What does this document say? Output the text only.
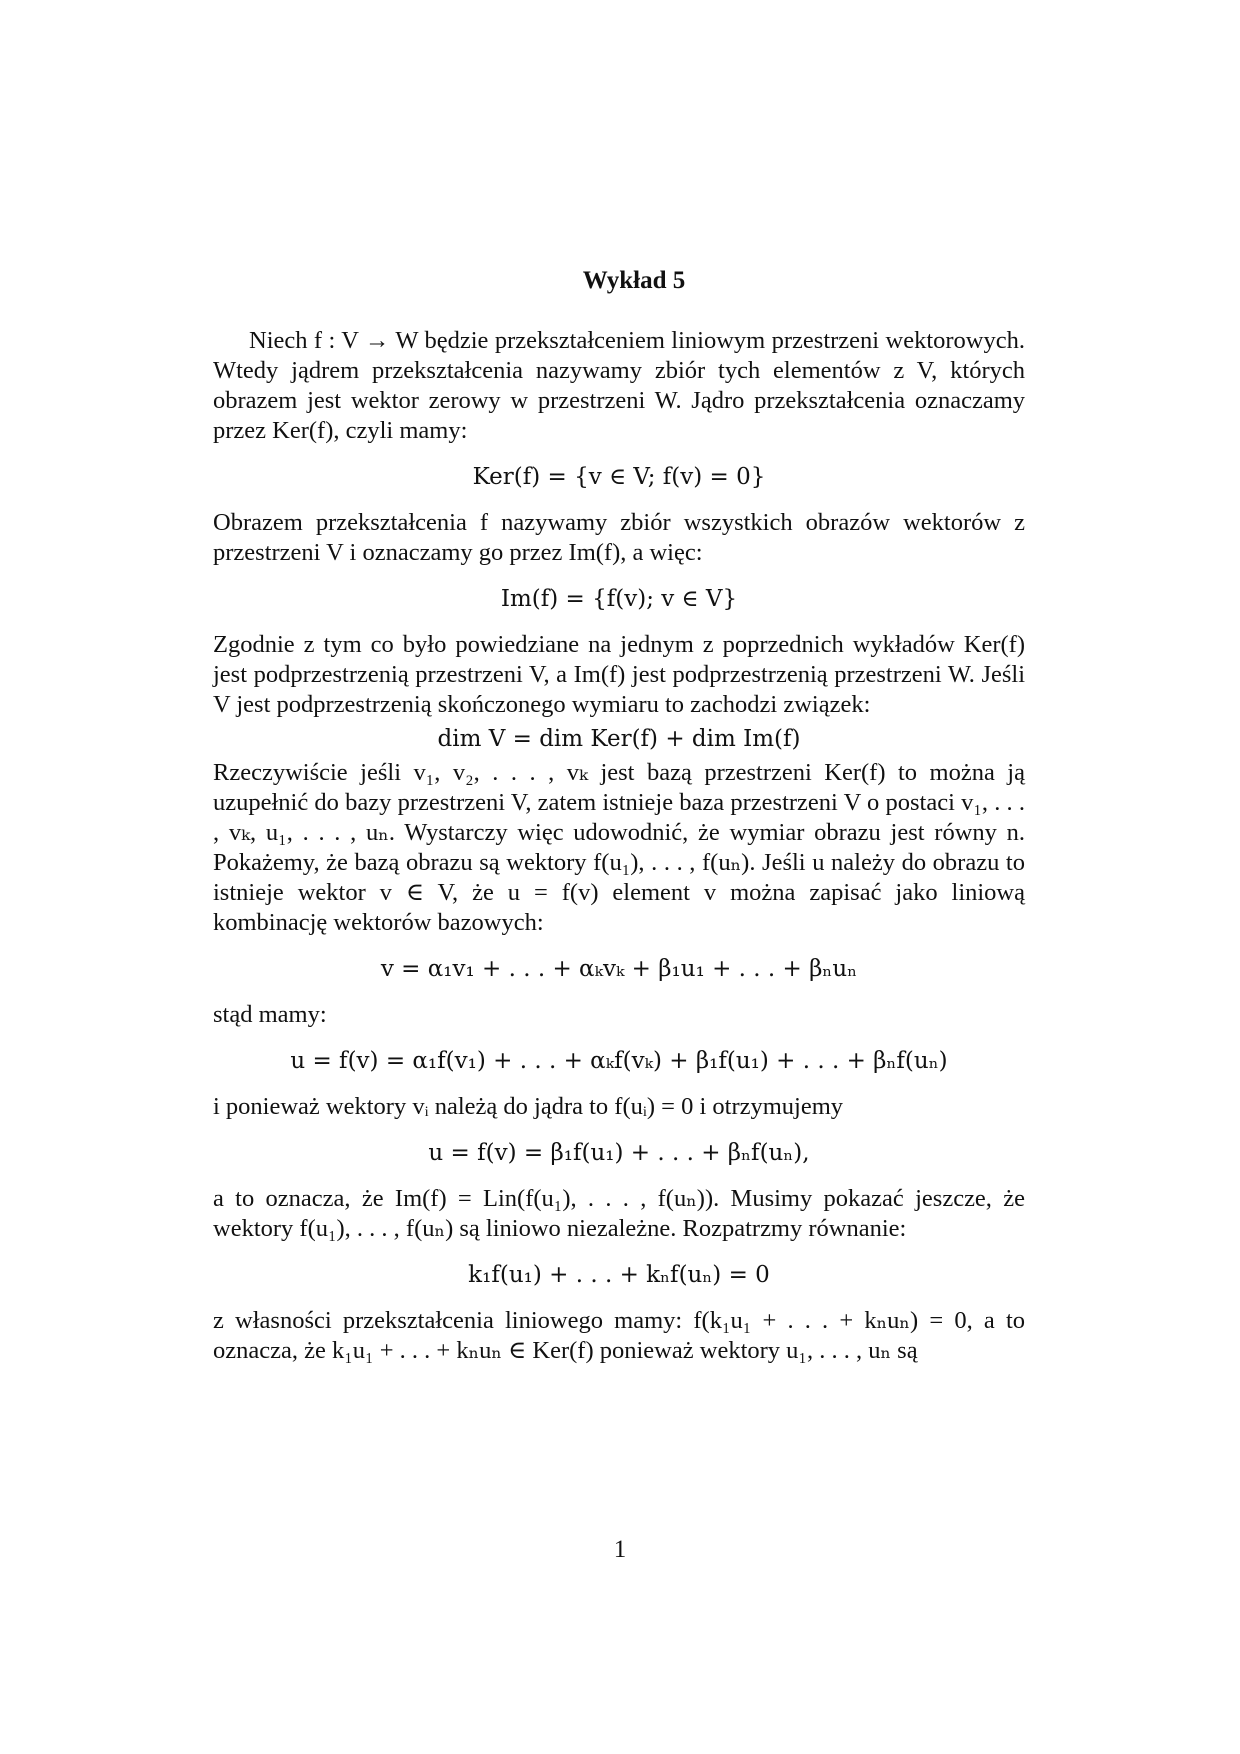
Wykład 5

Niech f : V → W będzie przekształceniem liniowym przestrzeni wektorowych. Wtedy jądrem przekształcenia nazywamy zbiór tych elementów z V, których obrazem jest wektor zerowy w przestrzeni W. Jądro przekształcenia oznaczamy przez Ker(f), czyli mamy:

Ker(f) = {v ∈ V; f(v) = 0}

Obrazem przekształcenia f nazywamy zbiór wszystkich obrazów wektorów z przestrzeni V i oznaczamy go przez Im(f), a więc:

Im(f) = {f(v); v ∈ V}

Zgodnie z tym co było powiedziane na jednym z poprzednich wykładów Ker(f) jest podprzestrzenią przestrzeni V, a Im(f) jest podprzestrzenią przestrzeni W. Jeśli V jest podprzestrzenią skończonego wymiaru to zachodzi związek:

dim V = dim Ker(f) + dim Im(f)

Rzeczywiście jeśli v₁, v₂, . . . , vₖ jest bazą przestrzeni Ker(f) to można ją uzupełnić do bazy przestrzeni V, zatem istnieje baza przestrzeni V o postaci v₁, . . . , vₖ, u₁, . . . , uₙ. Wystarczy więc udowodnić, że wymiar obrazu jest równy n. Pokażemy, że bazą obrazu są wektory f(u₁), . . . , f(uₙ). Jeśli u należy do obrazu to istnieje wektor v ∈ V, że u = f(v) element v można zapisać jako liniową kombinację wektorów bazowych:

v = α₁v₁ + . . . + αₖvₖ + β₁u₁ + . . . + βₙuₙ

stąd mamy:

u = f(v) = α₁f(v₁) + . . . + αₖf(vₖ) + β₁f(u₁) + . . . + βₙf(uₙ)

i ponieważ wektory vᵢ należą do jądra to f(uᵢ) = 0 i otrzymujemy

u = f(v) = β₁f(u₁) + . . . + βₙf(uₙ),

a to oznacza, że Im(f) = Lin(f(u₁), . . . , f(uₙ)). Musimy pokazać jeszcze, że wektory f(u₁), . . . , f(uₙ) są liniowo niezależne. Rozpatrzmy równanie:

k₁f(u₁) + . . . + kₙf(uₙ) = 0

z własności przekształcenia liniowego mamy: f(k₁u₁ + . . . + kₙuₙ) = 0, a to oznacza, że k₁u₁ + . . . + kₙuₙ ∈ Ker(f) ponieważ wektory u₁, . . . , uₙ są

1
